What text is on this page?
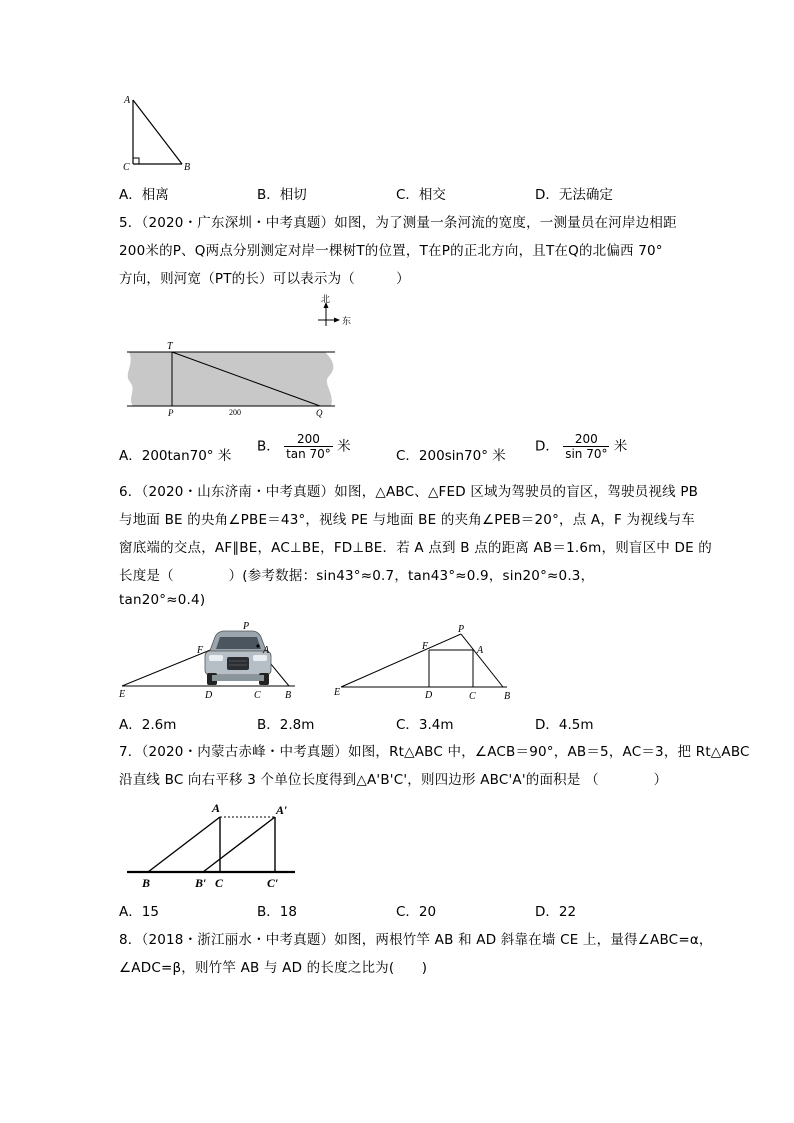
A
C	B
A．相离	B．相切	C．相交	D．无法确定
5．（2020・广东深圳・中考真题）如图，为了测量一条河流的宽度，一测量员在河岸边相距
200米的P、Q两点分别测定对岸一棵树T的位置，T在P的正北方向，且T在Q的北偏西 70°
方向，则河宽（PT的长）可以表示为（　　　）
北
东
T
P	Q
200
A．200tan70° 米
B． $\frac{200}{\tan 70^\circ}$ 米
C．200sin70° 米
D． $\frac{200}{\sin 70^\circ}$ 米
6．（2020・山东济南・中考真题）如图，△ABC、△FED 区域为驾驶员的盲区，驾驶员视线 PB
与地面 BE 的央角∠PBE＝43°，视线 PE 与地面 BE 的夹角∠PEB＝20°，点 A，F 为视线与车
窗底端的交点，AF∥BE，AC⊥BE，FD⊥BE．若 A 点到 B 点的距离 AB＝1.6m，则盲区中 DE 的
长度是（　　　　）(参考数据：sin43°≈0.7，tan43°≈0.9，sin20°≈0.3，
tan20°≈0.4)
P
F	A
E	D	C B
P
F	A
E	D	C	B
A．2.6m	B．2.8m	C．3.4m	D．4.5m
7．（2020・内蒙古赤峰・中考真题）如图，Rt△ABC 中，∠ACB＝90°，AB＝5，AC＝3，把 Rt△ABC
沿直线 BC 向右平移 3 个单位长度得到△A'B'C'，则四边形 ABC'A'的面积是 （　　　　）
A	A′
B	B′ C	C′
A．15	B．18	C．20	D．22
8．（2018・浙江丽水・中考真题）如图，两根竹竿 AB 和 AD 斜靠在墙 CE 上，量得∠ABC=α，
∠ADC=β，则竹竿 AB 与 AD 的长度之比为(　　)
